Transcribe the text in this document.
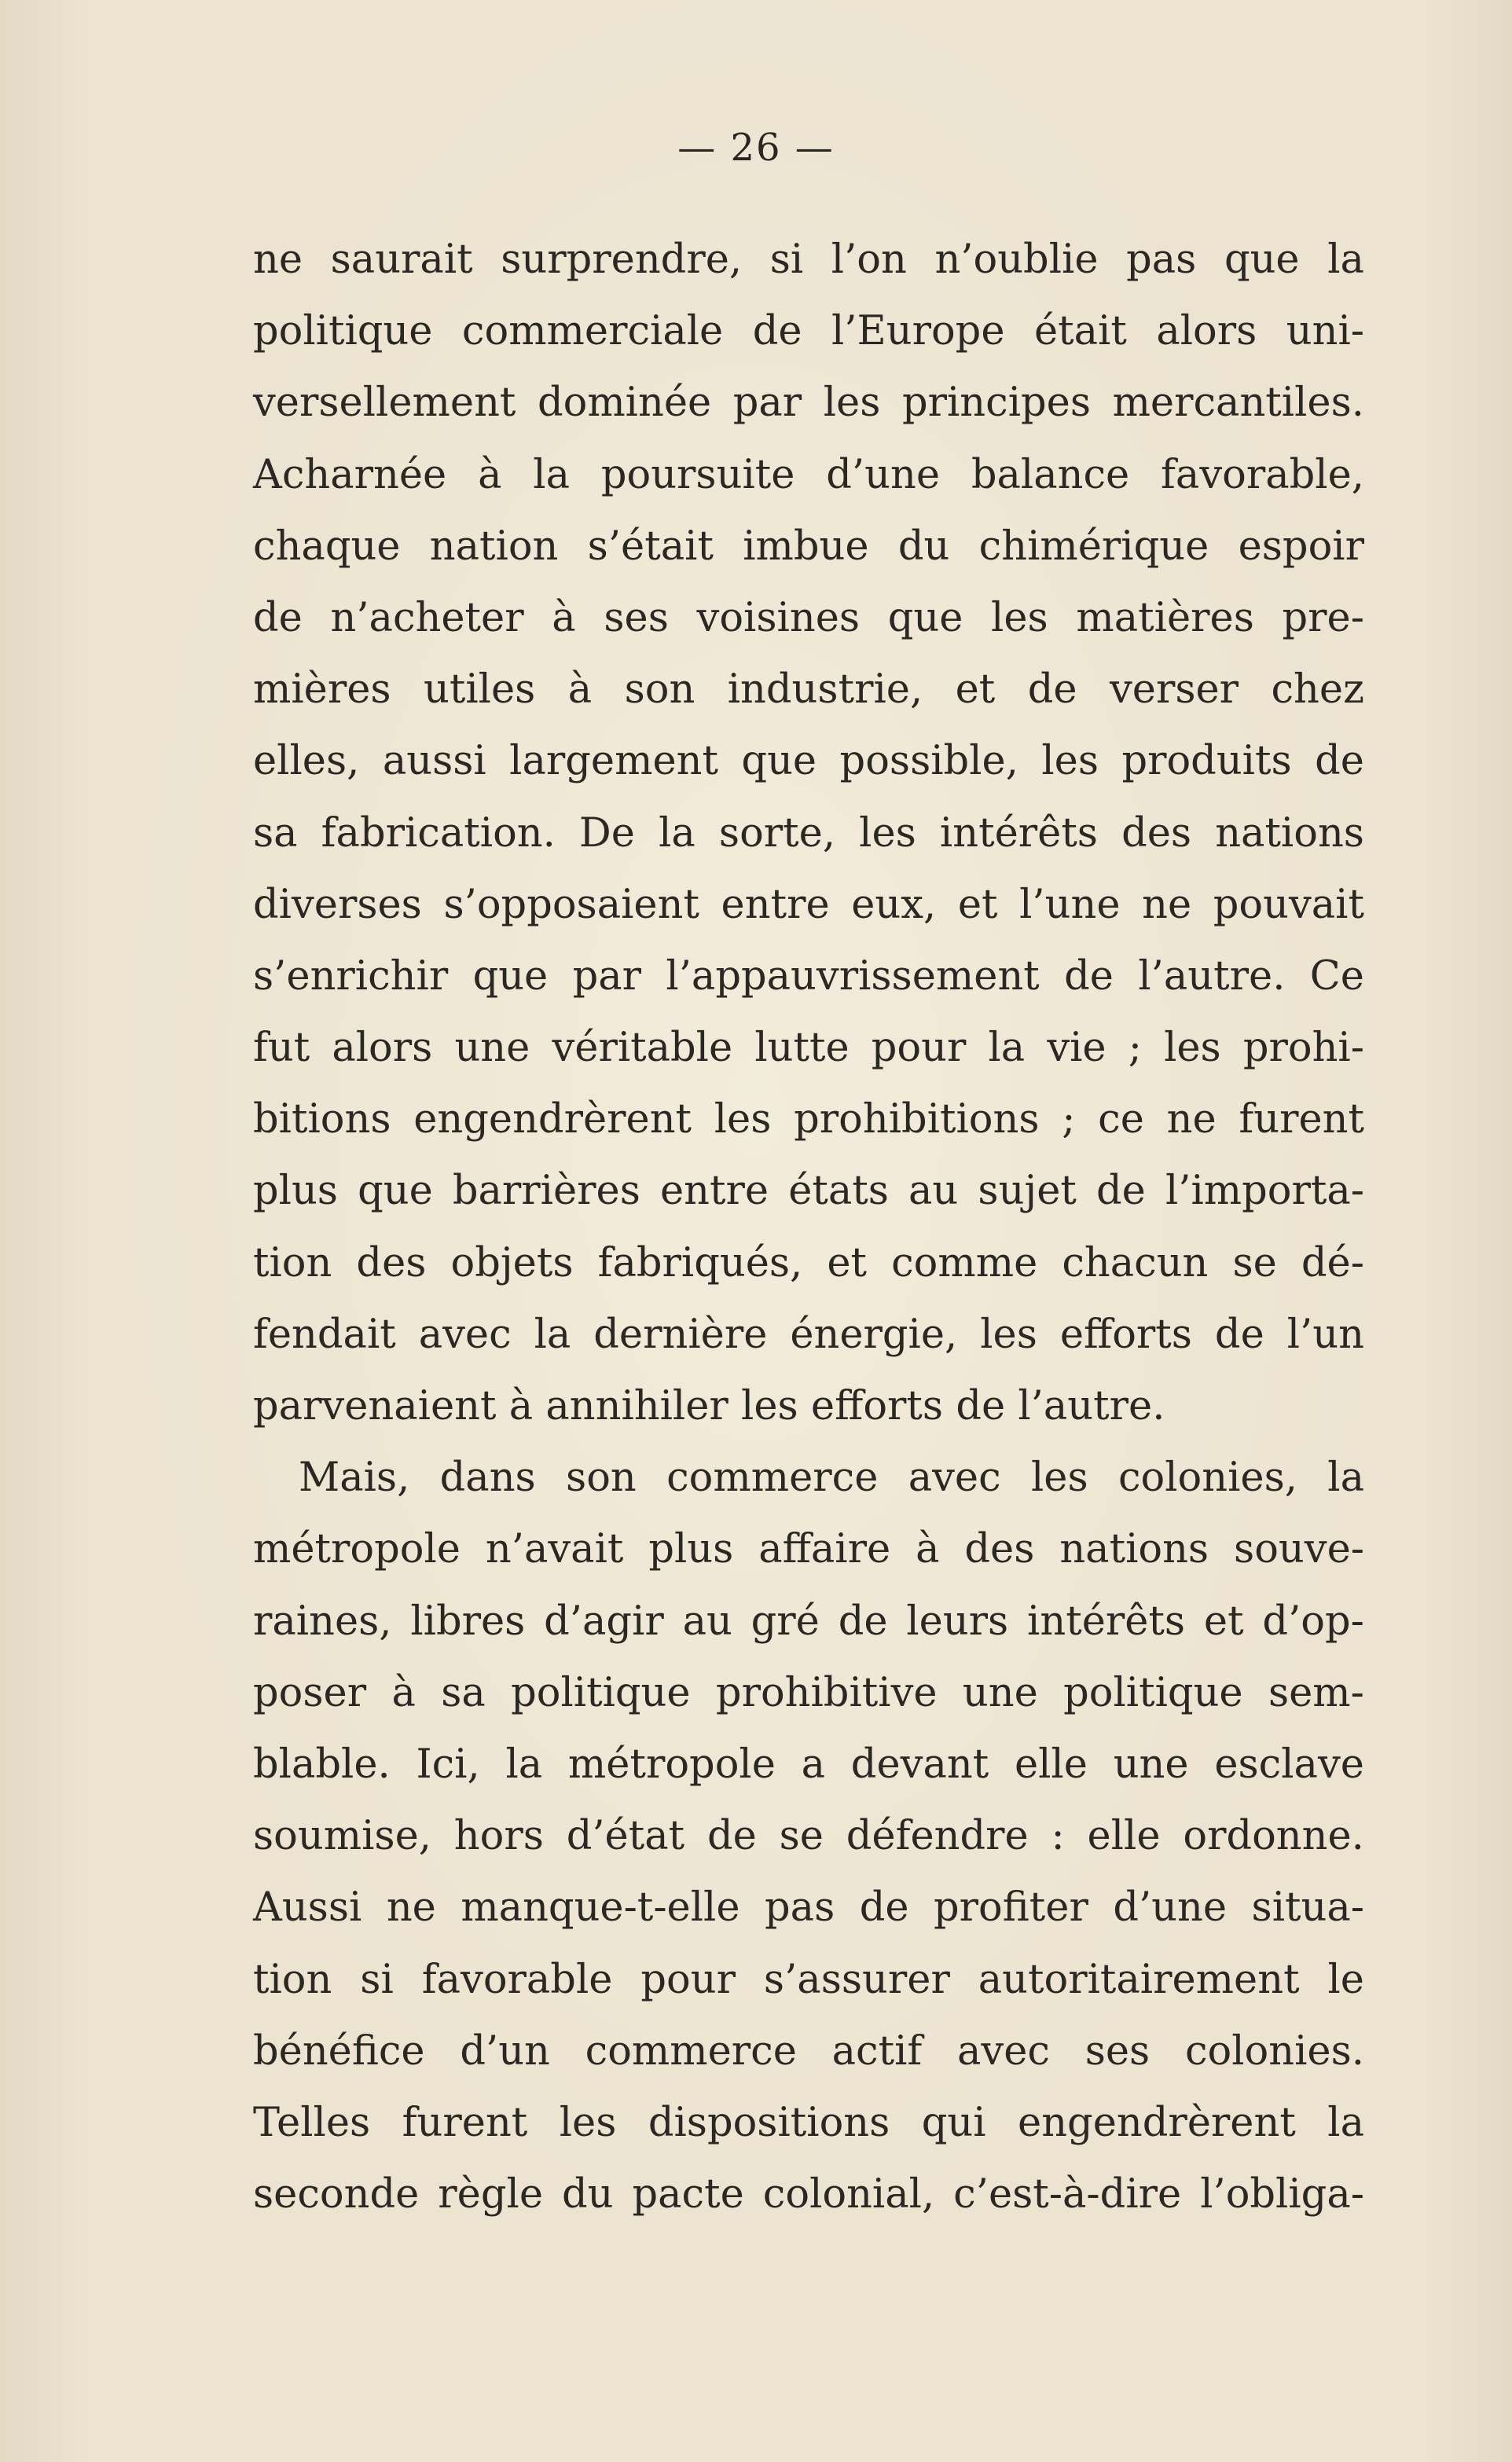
— 26 —
ne saurait surprendre, si l’on n’oublie pas que la
politique commerciale de l’Europe était alors uni-
versellement dominée par les principes mercantiles.
Acharnée à la poursuite d’une balance favorable,
chaque nation s’était imbue du chimérique espoir
de n’acheter à ses voisines que les matières pre-
mières utiles à son industrie, et de verser chez
elles, aussi largement que possible, les produits de
sa fabrication. De la sorte, les intérêts des nations
diverses s’opposaient entre eux, et l’une ne pouvait
s’enrichir que par l’appauvrissement de l’autre. Ce
fut alors une véritable lutte pour la vie ; les prohi-
bitions engendrèrent les prohibitions ; ce ne furent
plus que barrières entre états au sujet de l’importa-
tion des objets fabriqués, et comme chacun se dé-
fendait avec la dernière énergie, les efforts de l’un
parvenaient
à
annihiler
les
efforts
de
l’autre.
Mais, dans son commerce avec les colonies, la
métropole n’avait plus affaire à des nations souve-
raines, libres d’agir au gré de leurs intérêts et d’op-
poser à sa politique prohibitive une politique sem-
blable. Ici, la métropole a devant elle une esclave
soumise, hors d’état de se défendre : elle ordonne.
Aussi ne manque-t-elle pas de profiter d’une situa-
tion si favorable pour s’assurer autoritairement le
bénéfice d’un commerce actif avec ses colonies.
Telles furent les dispositions qui engendrèrent la
seconde règle du pacte colonial, c’est-à-dire l’obliga-
